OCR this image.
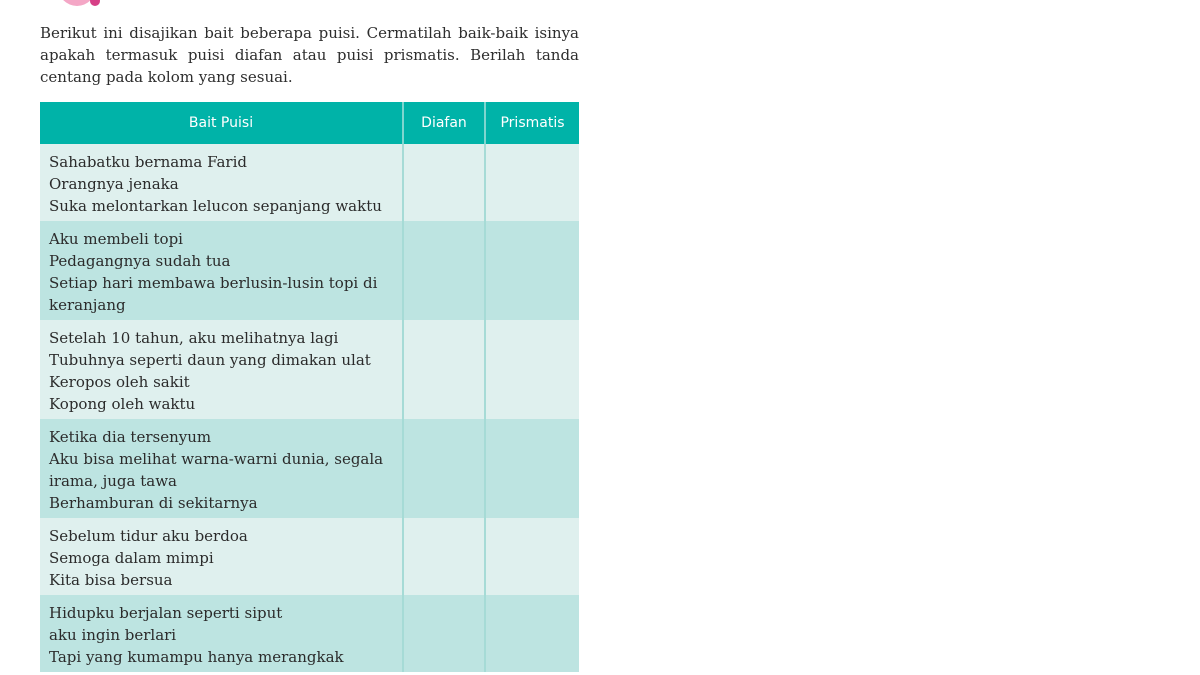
Berikut ini disajikan bait beberapa puisi. Cermatilah baik-baik isinya apakah termasuk puisi diafan atau puisi prismatis. Berilah tanda centang pada kolom yang sesuai.

Bait Puisi	Diafan	Prismatis

Sahabatku bernama Farid
Orangnya jenaka
Suka melontarkan lelucon sepanjang waktu		

Aku membeli topi
Pedagangnya sudah tua
Setiap hari membawa berlusin-lusin topi di keranjang		

Setelah 10 tahun, aku melihatnya lagi
Tubuhnya seperti daun yang dimakan ulat
Keropos oleh sakit
Kopong oleh waktu		

Ketika dia tersenyum
Aku bisa melihat warna-warni dunia, segala irama, juga tawa
Berhamburan di sekitarnya		

Sebelum tidur aku berdoa
Semoga dalam mimpi
Kita bisa bersua		

Hidupku berjalan seperti siput
aku ingin berlari
Tapi yang kumampu hanya merangkak		
